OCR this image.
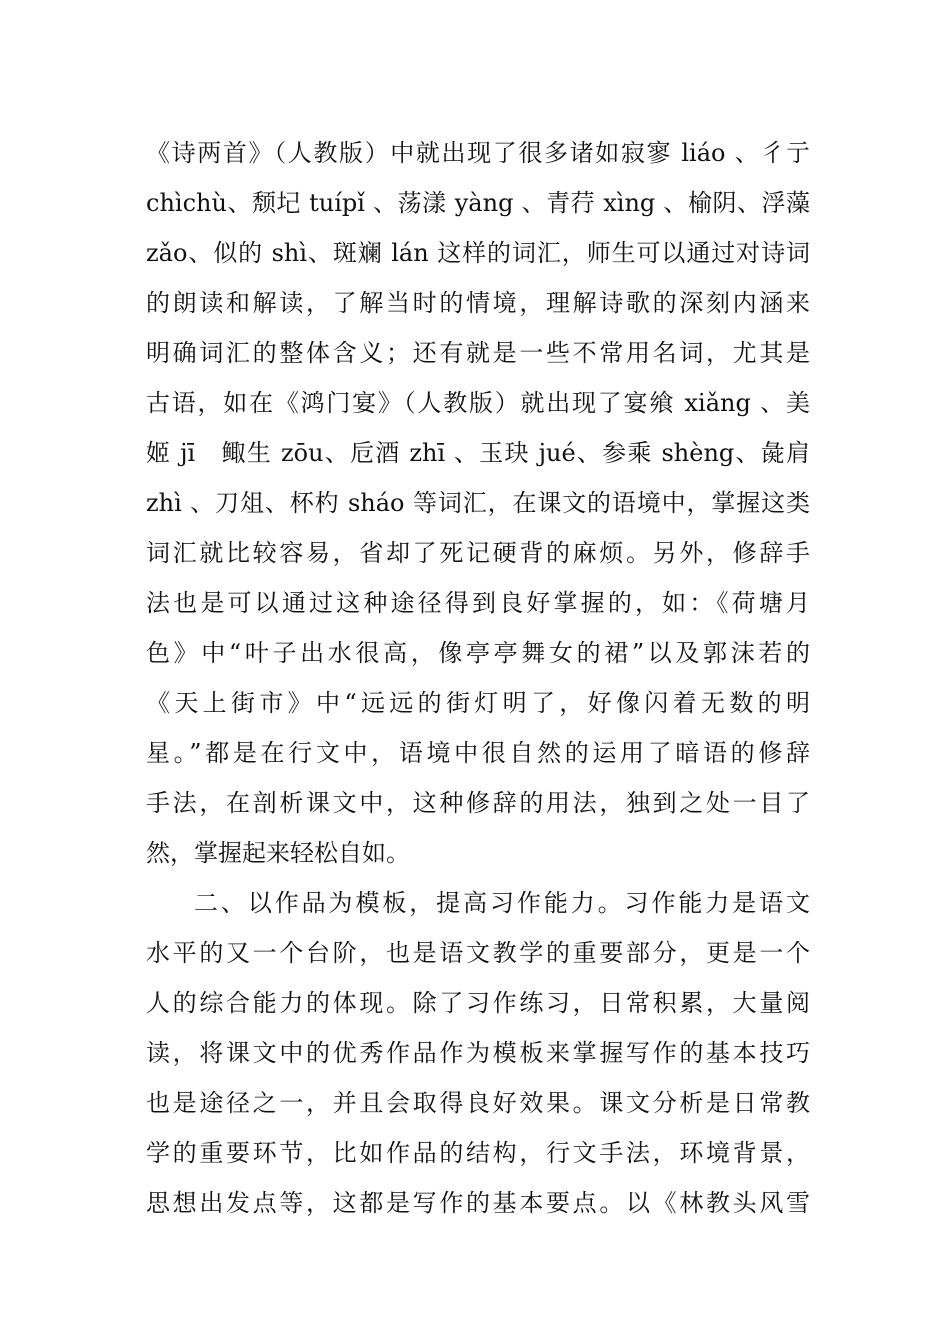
《诗两首》（人教版）中就出现了很多诸如寂寥 liáo 、彳亍
chìchù、颓圮 tuípǐ 、荡漾 yàng 、青荇 xìng 、榆阴、浮藻
zǎo、似的 shì、斑斓 lán 这样的词汇，师生可以通过对诗词
的朗读和解读，了解当时的情境，理解诗歌的深刻内涵来
明确词汇的整体含义；还有就是一些不常用名词，尤其是
古语，如在《鸿门宴》（人教版）就出现了宴飨 xiǎng 、美
姬 jī　鲰生 zōu、卮酒 zhī 、玉玦 jué、参乘 shèng、彘肩
zhì 、刀俎、杯杓 sháo 等词汇，在课文的语境中，掌握这类
词汇就比较容易，省却了死记硬背的麻烦。另外，修辞手
法也是可以通过这种途径得到良好掌握的，如：《荷塘月
色》中“叶子出水很高，像亭亭舞女的裙”以及郭沫若的
《天上街市》中“远远的街灯明了，好像闪着无数的明
星。”都是在行文中，语境中很自然的运用了暗语的修辞
手法，在剖析课文中，这种修辞的用法，独到之处一目了
然，掌握起来轻松自如。
二、以作品为模板，提高习作能力。习作能力是语文
水平的又一个台阶，也是语文教学的重要部分，更是一个
人的综合能力的体现。除了习作练习，日常积累，大量阅
读，将课文中的优秀作品作为模板来掌握写作的基本技巧
也是途径之一，并且会取得良好效果。课文分析是日常教
学的重要环节，比如作品的结构，行文手法，环境背景，
思想出发点等，这都是写作的基本要点。以《林教头风雪
